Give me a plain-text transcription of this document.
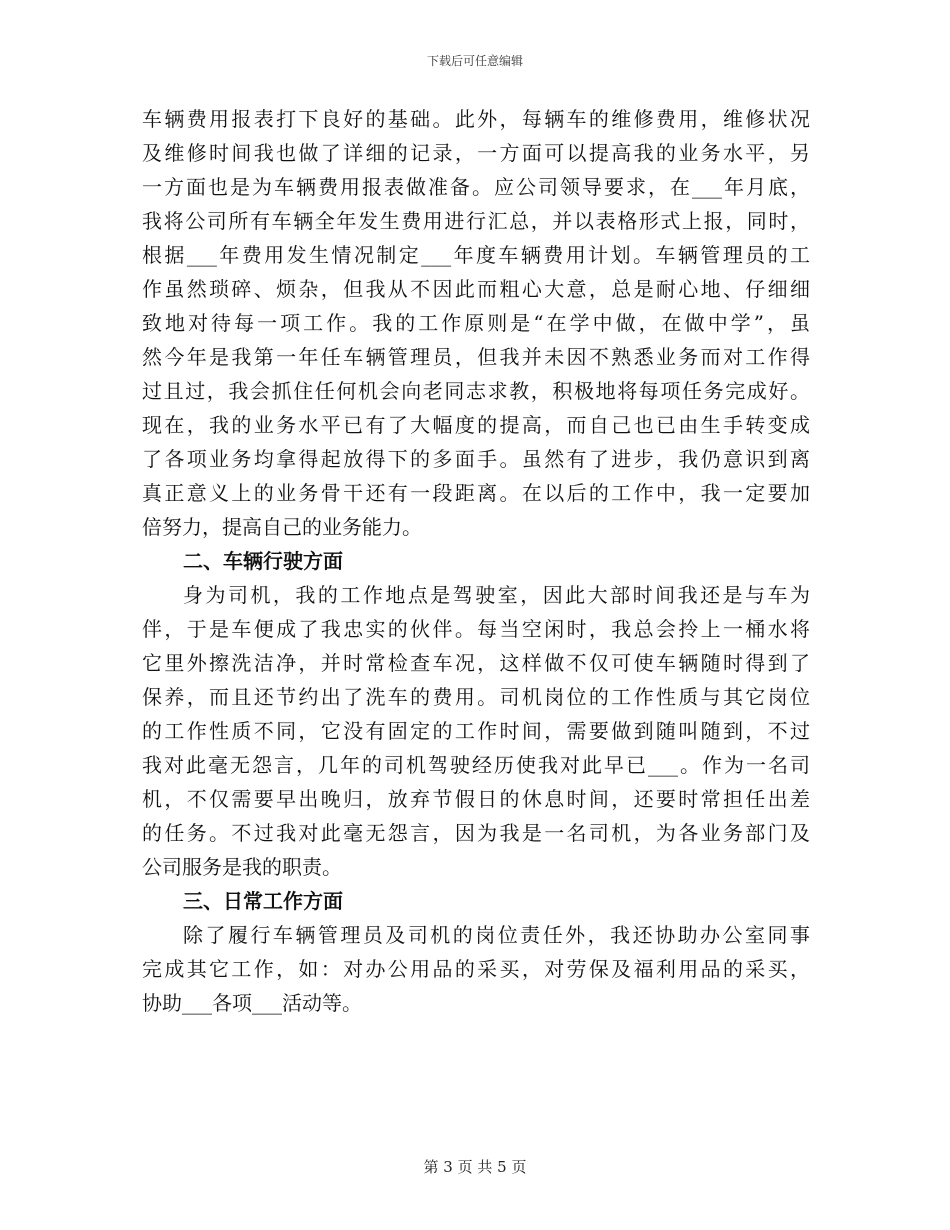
下载后可任意编辑
车辆费用报表打下良好的基础。此外，每辆车的维修费用，维修状况
及维修时间我也做了详细的记录，一方面可以提高我的业务水平，另
一方面也是为车辆费用报表做准备。应公司领导要求，在___年月底，
我将公司所有车辆全年发生费用进行汇总，并以表格形式上报，同时，
根据___年费用发生情况制定___年度车辆费用计划。车辆管理员的工
作虽然琐碎、烦杂，但我从不因此而粗心大意，总是耐心地、仔细细
致地对待每一项工作。我的工作原则是“在学中做，在做中学”，虽
然今年是我第一年任车辆管理员，但我并未因不熟悉业务而对工作得
过且过，我会抓住任何机会向老同志求教，积极地将每项任务完成好。
现在，我的业务水平已有了大幅度的提高，而自己也已由生手转变成
了各项业务均拿得起放得下的多面手。虽然有了进步，我仍意识到离
真正意义上的业务骨干还有一段距离。在以后的工作中，我一定要加
倍努力，提高自己的业务能力。
二、车辆行驶方面
身为司机，我的工作地点是驾驶室，因此大部时间我还是与车为
伴，于是车便成了我忠实的伙伴。每当空闲时，我总会拎上一桶水将
它里外擦洗洁净，并时常检查车况，这样做不仅可使车辆随时得到了
保养，而且还节约出了洗车的费用。司机岗位的工作性质与其它岗位
的工作性质不同，它没有固定的工作时间，需要做到随叫随到，不过
我对此毫无怨言，几年的司机驾驶经历使我对此早已___。作为一名司
机，不仅需要早出晚归，放弃节假日的休息时间，还要时常担任出差
的任务。不过我对此毫无怨言，因为我是一名司机，为各业务部门及
公司服务是我的职责。
三、日常工作方面
除了履行车辆管理员及司机的岗位责任外，我还协助办公室同事
完成其它工作，如：对办公用品的采买，对劳保及福利用品的采买，
协助___各项___活动等。
第 3 页 共 5 页
